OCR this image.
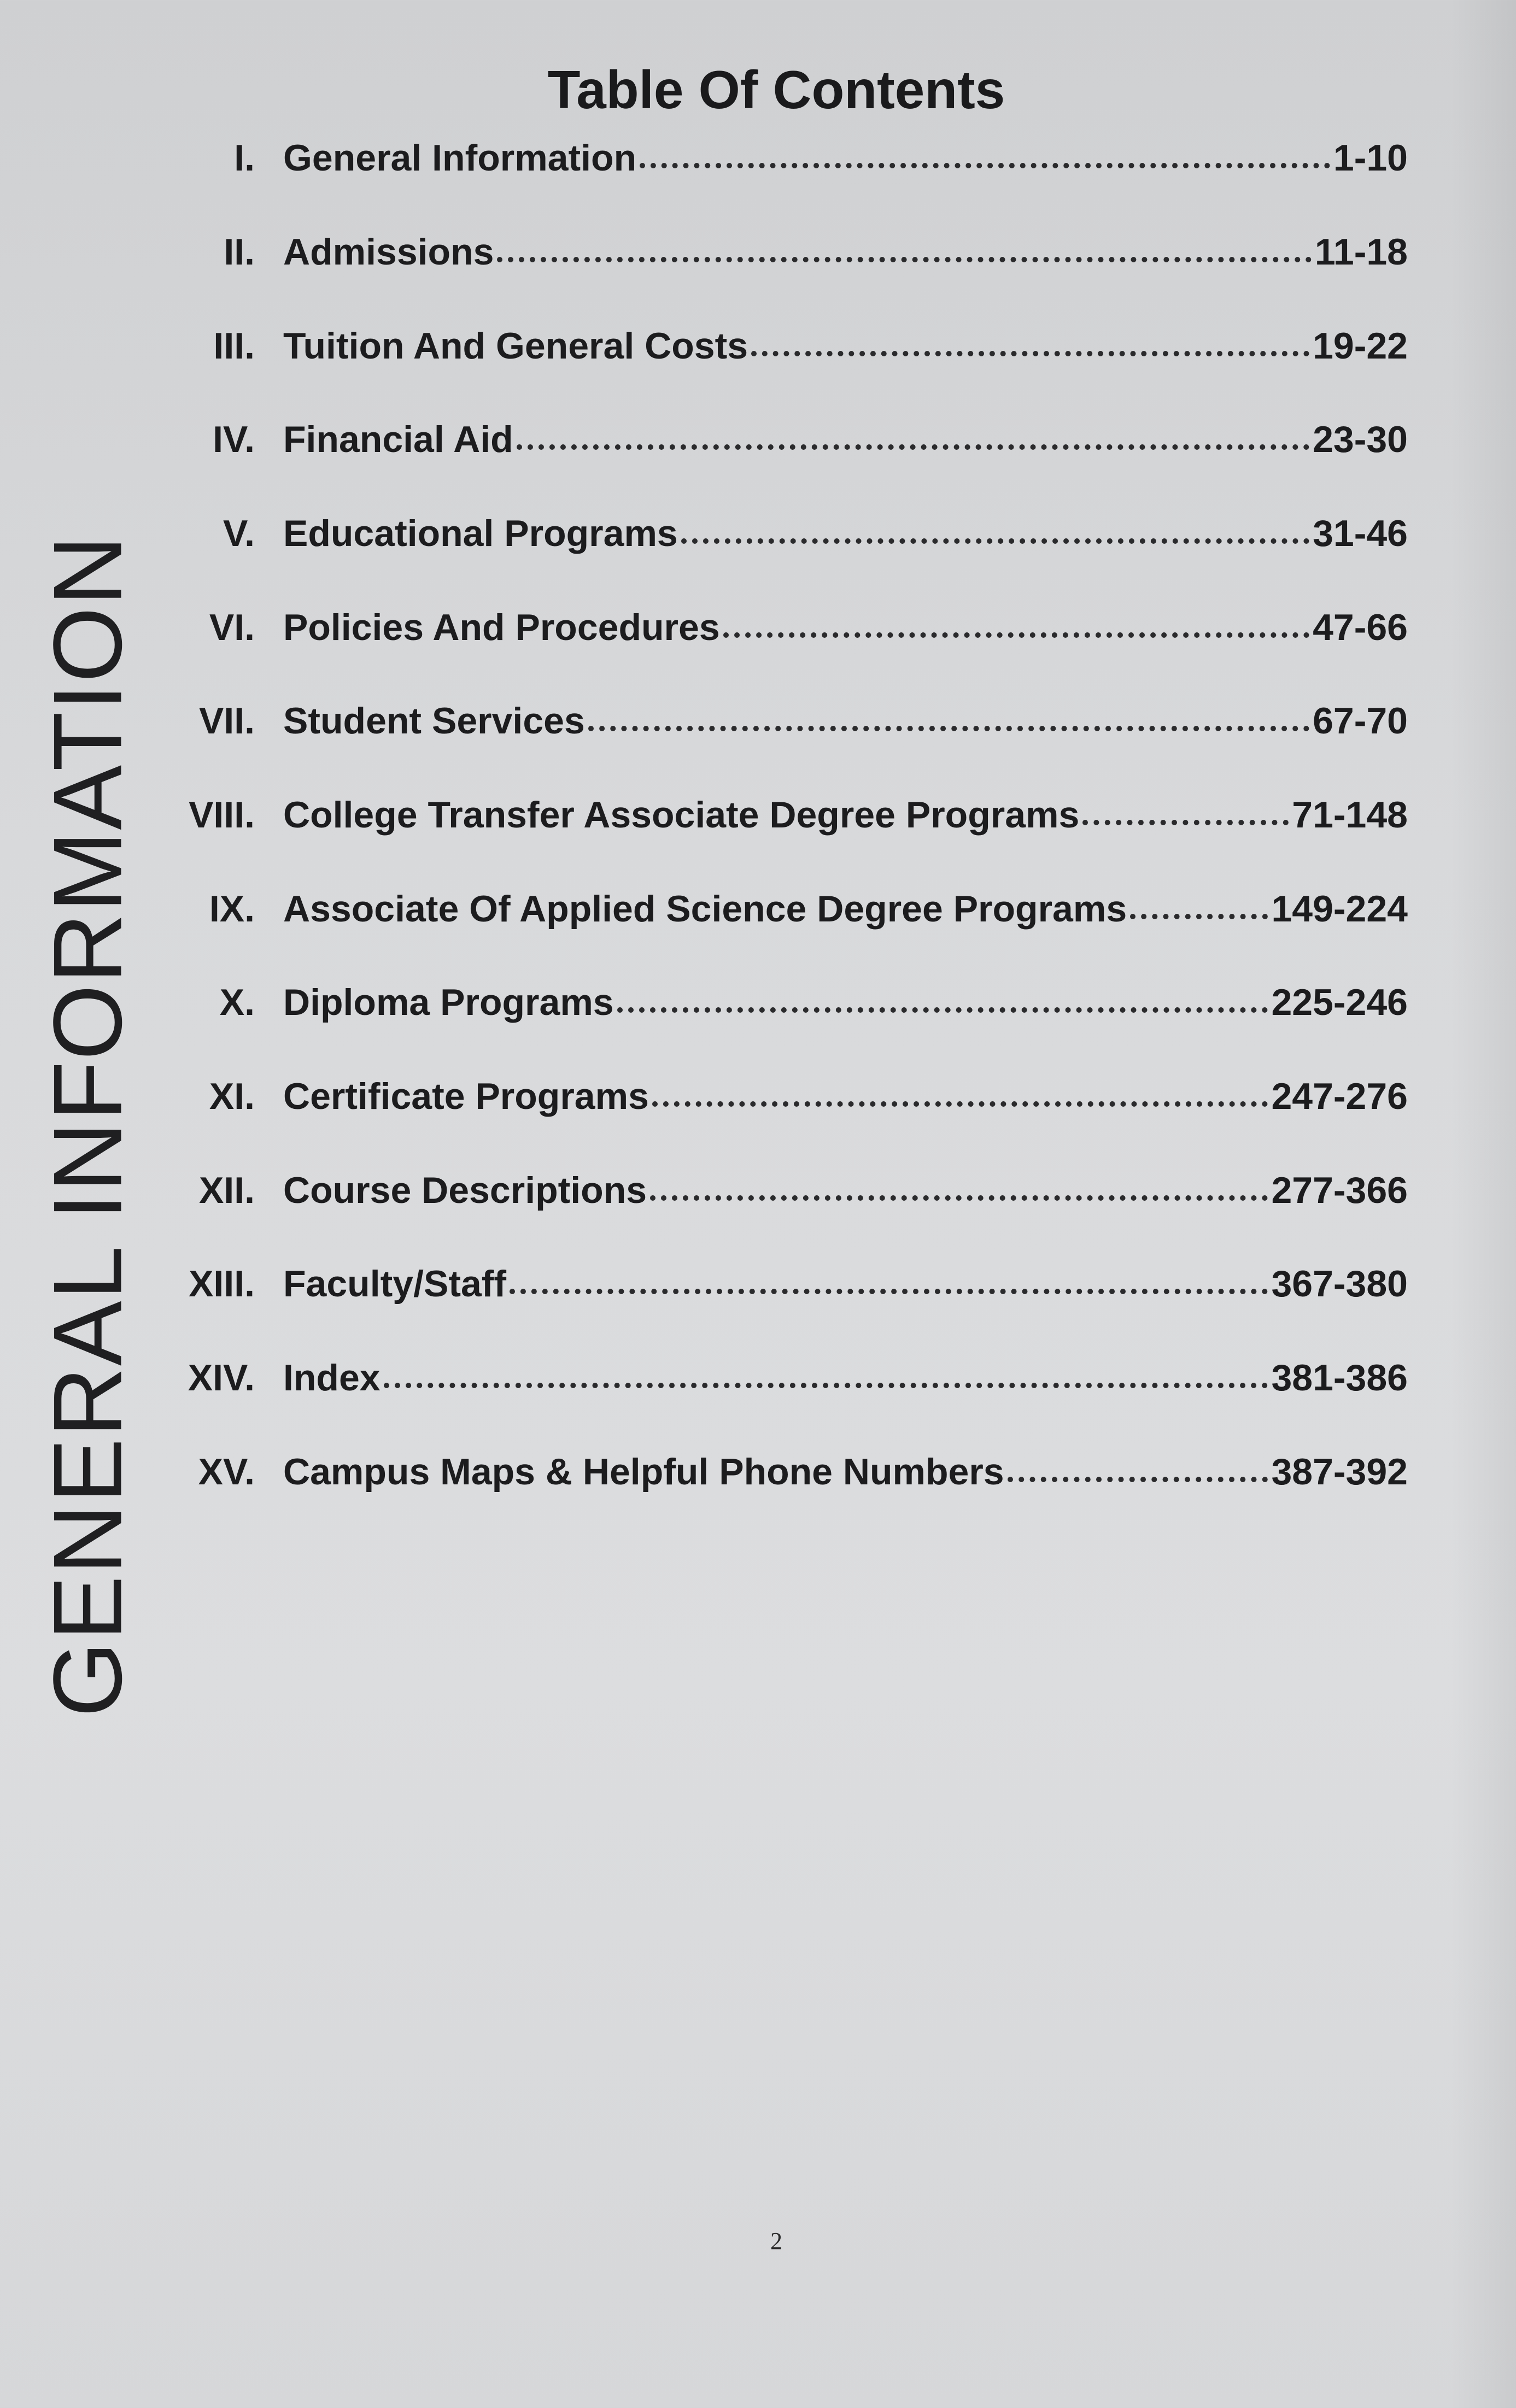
Table Of Contents
GENERAL INFORMATION
I. General Information	1-10
II. Admissions	11-18
III. Tuition And General Costs	19-22
IV. Financial Aid	23-30
V. Educational Programs	31-46
VI. Policies And Procedures	47-66
VII. Student Services	67-70
VIII. College Transfer Associate Degree Programs	71-148
IX. Associate Of Applied Science Degree Programs	149-224
X. Diploma Programs	225-246
XI. Certificate Programs	247-276
XII. Course Descriptions	277-366
XIII. Faculty/Staff	367-380
XIV. Index	381-386
XV. Campus Maps & Helpful Phone Numbers	387-392
2
